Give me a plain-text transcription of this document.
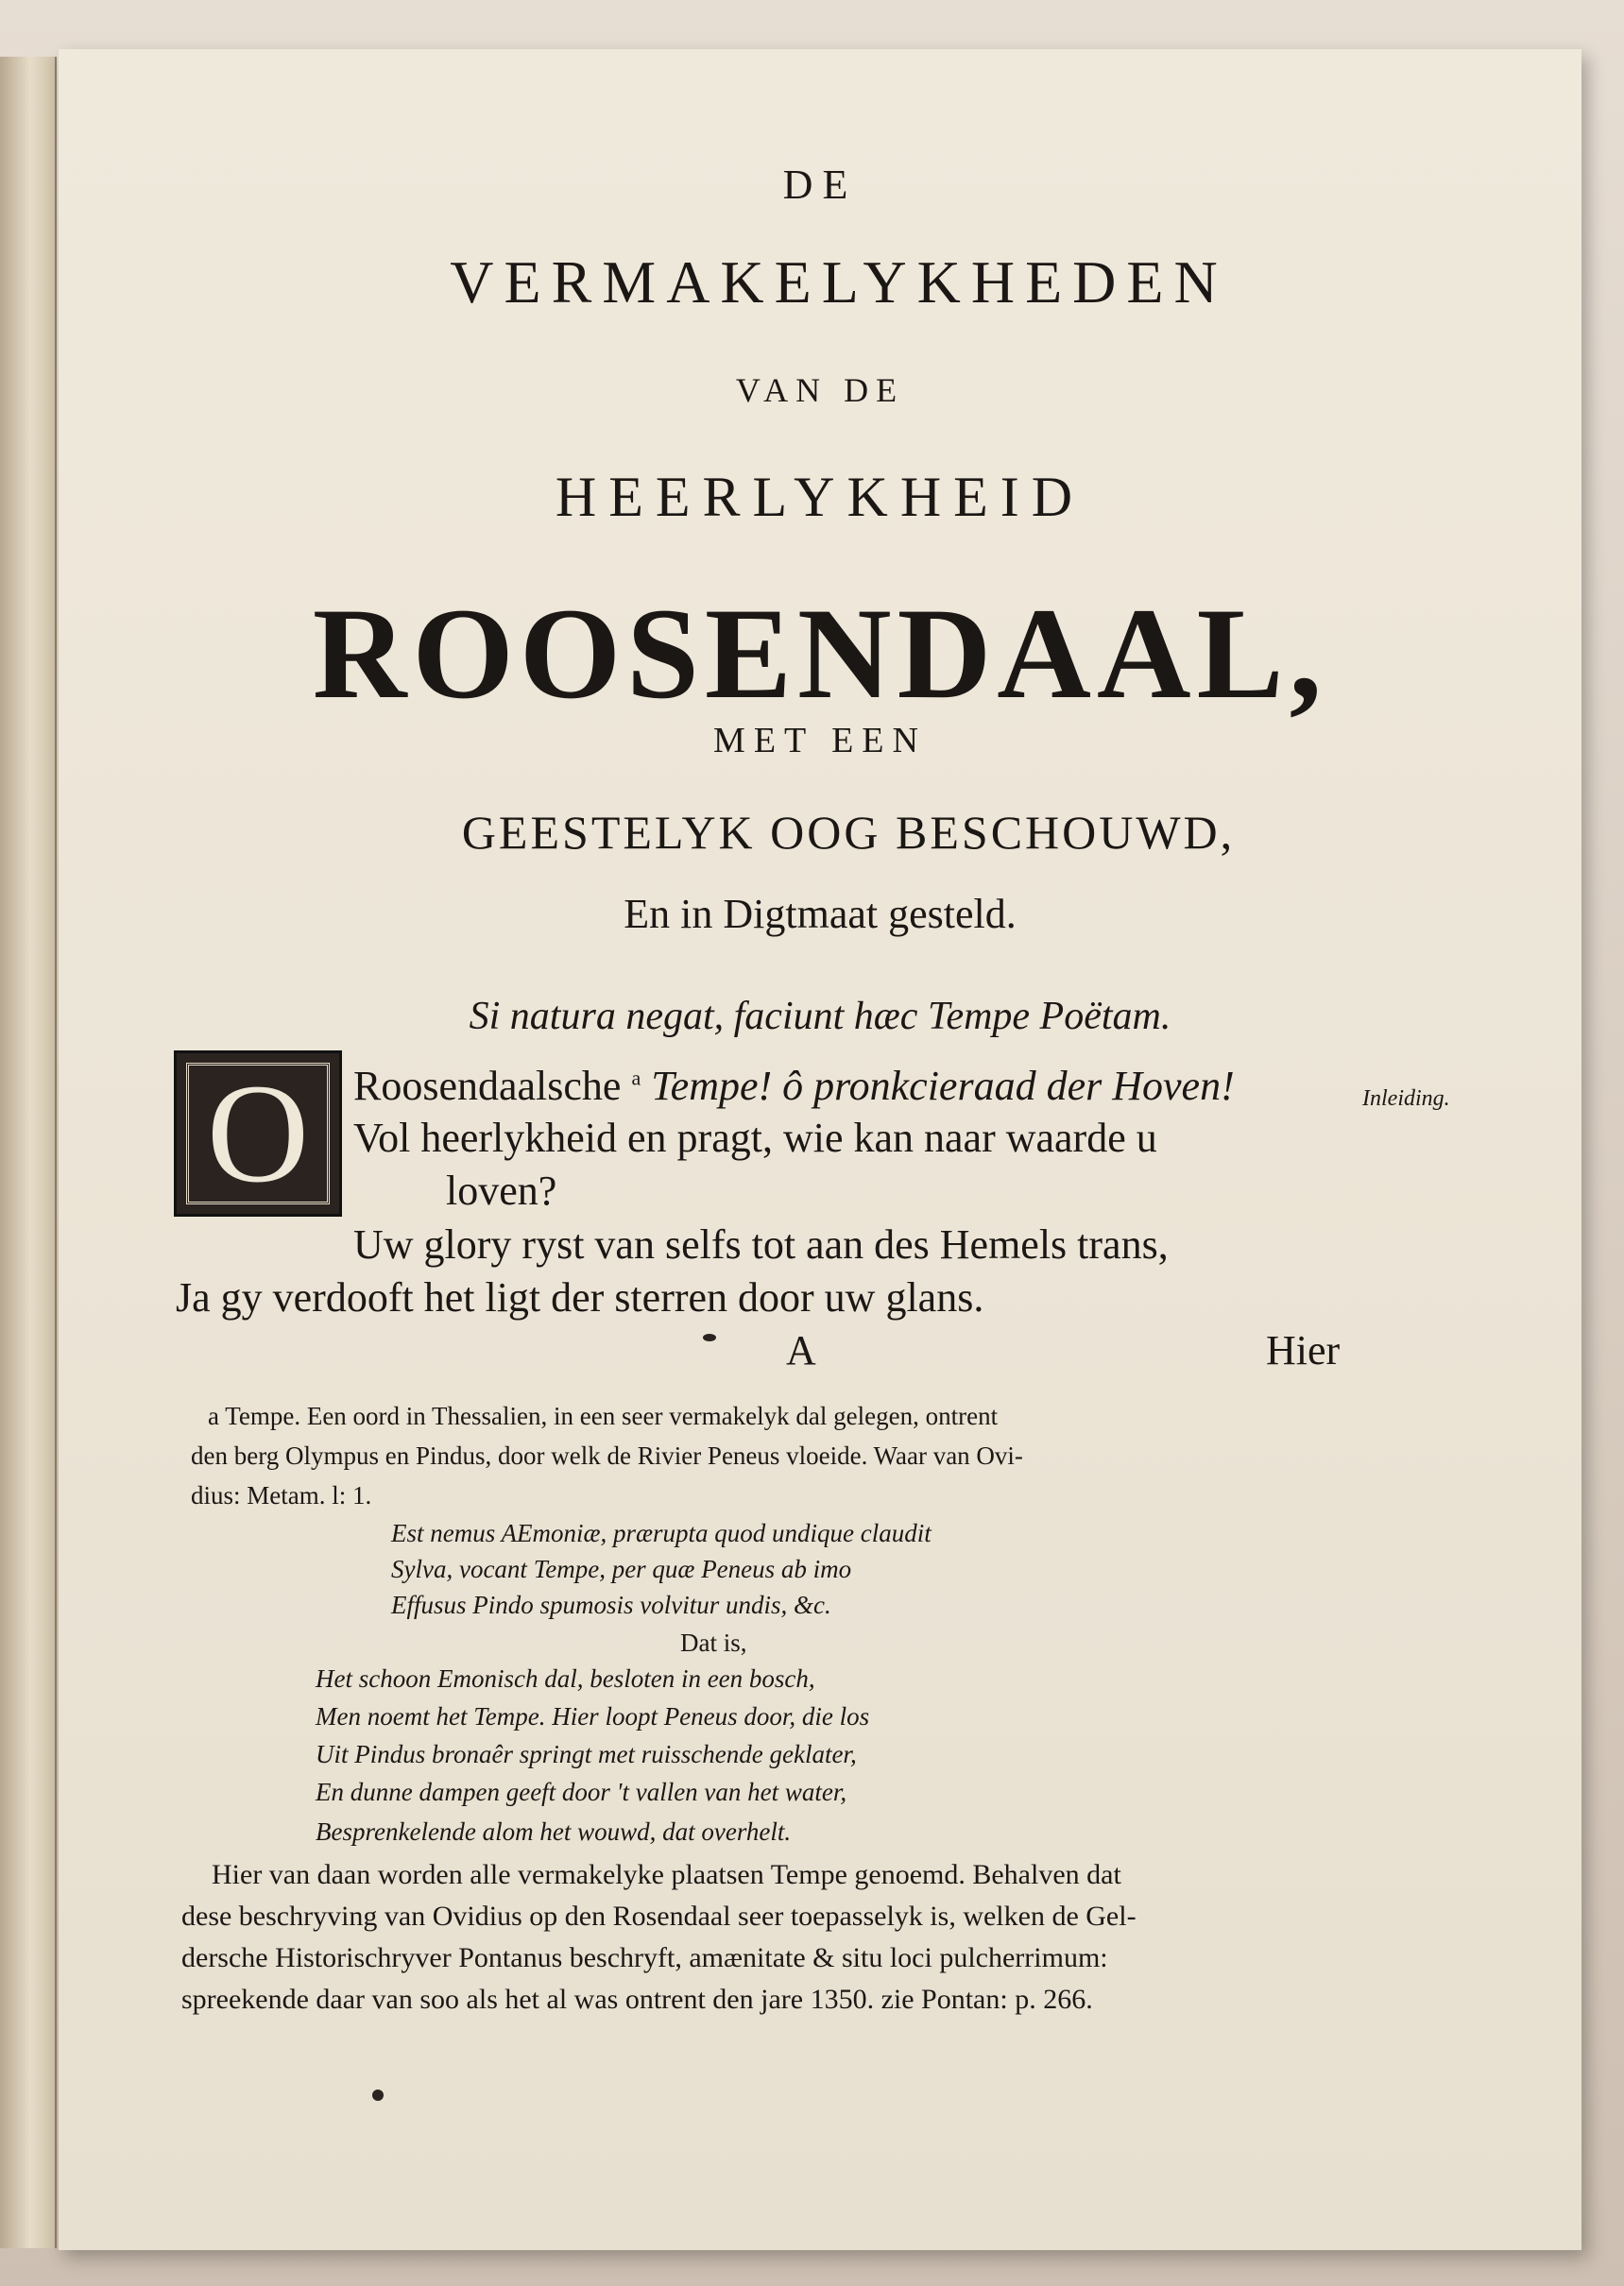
DE
VERMAKELYKHEDEN
VAN DE
HEERLYKHEID
ROOSENDAAL,
MET EEN
GEESTELYK OOG BESCHOUWD,
En in Digtmaat gesteld.
Si natura negat, faciunt hæc Tempe Poëtam.
O	Roosendaalsche $^a$ Tempe! ô pronkcieraad der Hoven!
Vol heerlykheid en pragt, wie kan naar waarde u
loven?
Uw glory ryst van selfs tot aan des Hemels trans,
Ja gy verdooft het ligt der sterren door uw glans.
Inleiding.
A	Hier
a Tempe. Een oord in Thessalien, in een seer vermakelyk dal gelegen, ontrent
den berg Olympus en Pindus, door welk de Rivier Peneus vloeide. Waar van Ovi-
dius: Metam. l: 1.
Est nemus AEmoniæ, prærupta quod undique claudit
Sylva, vocant Tempe, per quæ Peneus ab imo
Effusus Pindo spumosis volvitur undis, &c.
Dat is,
Het schoon Emonisch dal, besloten in een bosch,
Men noemt het Tempe. Hier loopt Peneus door, die los
Uit Pindus bronaêr springt met ruisschende geklater,
En dunne dampen geeft door 't vallen van het water,
Besprenkelende alom het wouwd, dat overhelt.
Hier van daan worden alle vermakelyke plaatsen Tempe genoemd. Behalven dat
dese beschryving van Ovidius op den Rosendaal seer toepasselyk is, welken de Gel-
dersche Historischryver Pontanus beschryft, amænitate & situ loci pulcherrimum:
spreekende daar van soo als het al was ontrent den jare 1350. zie Pontan: p. 266.
